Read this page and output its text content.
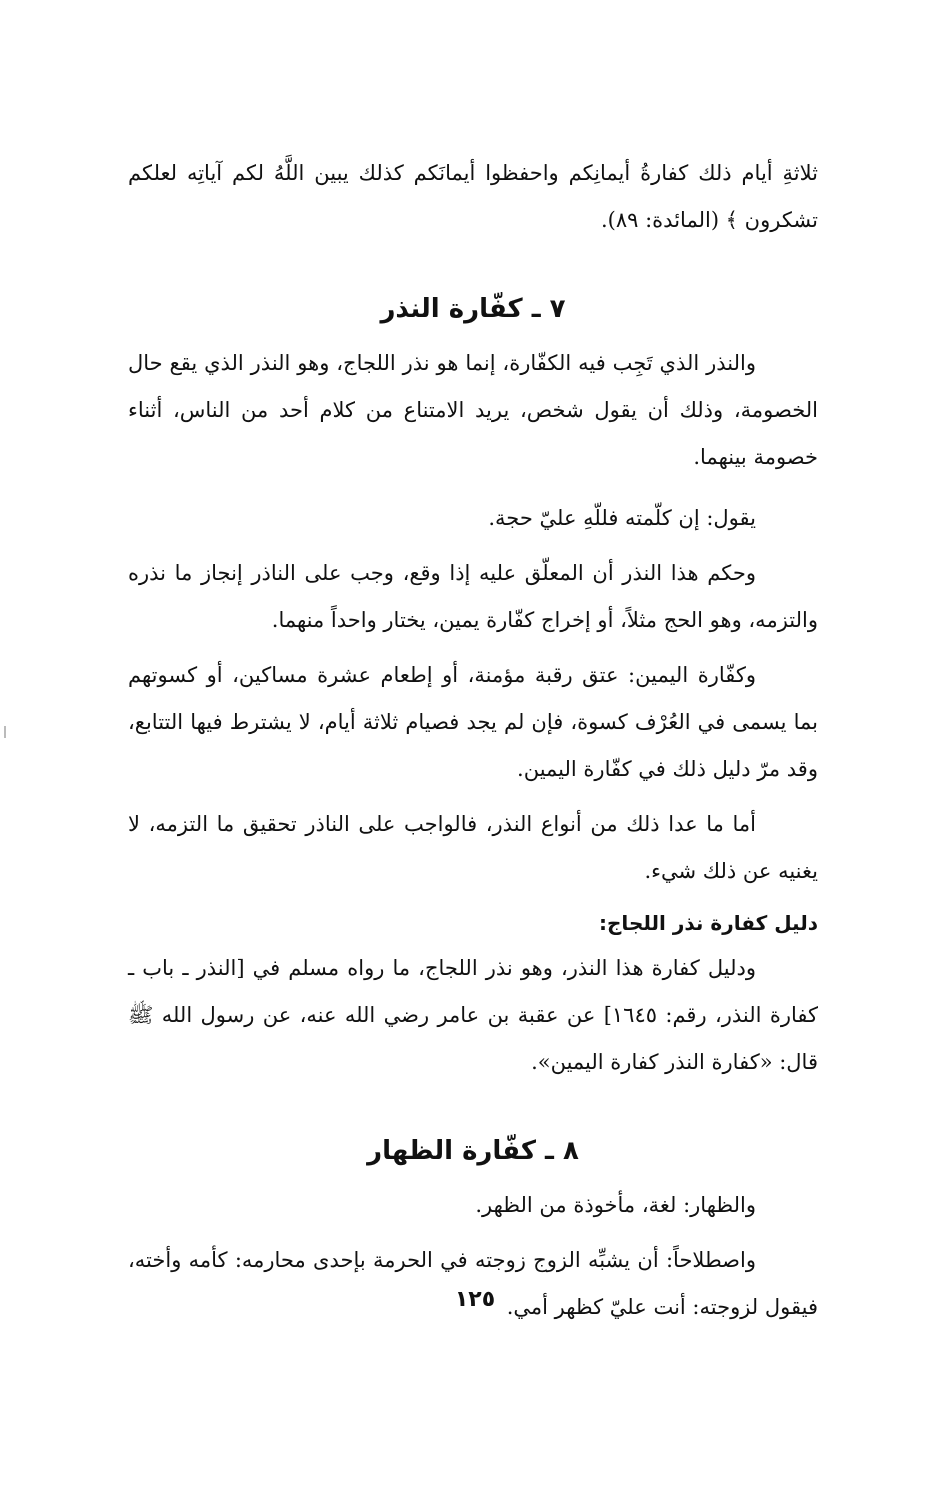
ثلاثةِ أيام ذلك كفارةُ أيمانِكم واحفظوا أيمانَكم كذلك يبين اللَّهُ لكم آياتِه لعلكم تشكرون ﴾ (المائدة: ٨٩).

٧ ـ كفّارة النذر

والنذر الذي تَجِب فيه الكفّارة، إنما هو نذر اللجاج، وهو النذر الذي يقع حال الخصومة، وذلك أن يقول شخص، يريد الامتناع من كلام أحد من الناس، أثناء خصومة بينهما.

يقول: إن كلّمته فللّهِ عليّ حجة.

وحكم هذا النذر أن المعلّق عليه إذا وقع، وجب على الناذر إنجاز ما نذره والتزمه، وهو الحج مثلاً، أو إخراج كفّارة يمين، يختار واحداً منهما.

وكفّارة اليمين: عتق رقبة مؤمنة، أو إطعام عشرة مساكين، أو كسوتهم بما يسمى في العُرْف كسوة، فإن لم يجد فصيام ثلاثة أيام، لا يشترط فيها التتابع، وقد مرّ دليل ذلك في كفّارة اليمين.

أما ما عدا ذلك من أنواع النذر، فالواجب على الناذر تحقيق ما التزمه، لا يغنيه عن ذلك شيء.

دليل كفارة نذر اللجاج:

ودليل كفارة هذا النذر، وهو نذر اللجاج، ما رواه مسلم في [النذر ـ باب ـ كفارة النذر، رقم: ١٦٤٥] عن عقبة بن عامر رضي الله عنه، عن رسول الله ﷺ قال: «كفارة النذر كفارة اليمين».

٨ ـ كفّارة الظهار

والظهار: لغة، مأخوذة من الظهر.

واصطلاحاً: أن يشبِّه الزوج زوجته في الحرمة بإحدى محارمه: كأمه وأخته، فيقول لزوجته: أنت عليّ كظهر أمي.

١٢٥
